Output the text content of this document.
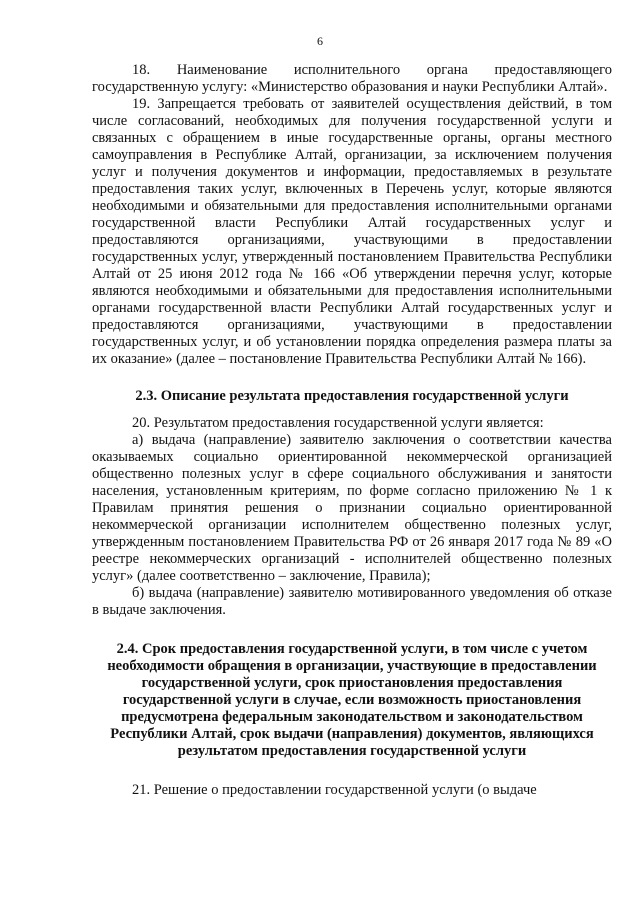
6

18. Наименование исполнительного органа предоставляющего государственную услугу: «Министерство образования и науки Республики Алтай».

19. Запрещается требовать от заявителей осуществления действий, в том числе согласований, необходимых для получения государственной услуги и связанных с обращением в иные государственные органы, органы местного самоуправления в Республике Алтай, организации, за исключением получения услуг и получения документов и информации, предоставляемых в результате предоставления таких услуг, включенных в Перечень услуг, которые являются необходимыми и обязательными для предоставления исполнительными органами государственной власти Республики Алтай государственных услуг и предоставляются организациями, участвующими в предоставлении государственных услуг, утвержденный постановлением Правительства Республики Алтай от 25 июня 2012 года № 166 «Об утверждении перечня услуг, которые являются необходимыми и обязательными для предоставления исполнительными органами государственной власти Республики Алтай государственных услуг и предоставляются организациями, участвующими в предоставлении государственных услуг, и об установлении порядка определения размера платы за их оказание» (далее – постановление Правительства Республики Алтай № 166).

2.3. Описание результата предоставления государственной услуги

20. Результатом предоставления государственной услуги является:

а) выдача (направление) заявителю заключения о соответствии качества оказываемых социально ориентированной некоммерческой организацией общественно полезных услуг в сфере социального обслуживания и занятости населения, установленным критериям, по форме согласно приложению № 1 к Правилам принятия решения о признании социально ориентированной некоммерческой организации исполнителем общественно полезных услуг, утвержденным постановлением Правительства РФ от 26 января 2017 года № 89 «О реестре некоммерческих организаций - исполнителей общественно полезных услуг» (далее соответственно – заключение, Правила);

б) выдача (направление) заявителю мотивированного уведомления об отказе в выдаче заключения.

2.4. Срок предоставления государственной услуги, в том числе с учетом необходимости обращения в организации, участвующие в предоставлении государственной услуги, срок приостановления предоставления государственной услуги в случае, если возможность приостановления предусмотрена федеральным законодательством и законодательством Республики Алтай, срок выдачи (направления) документов, являющихся результатом предоставления государственной услуги

21. Решение о предоставлении государственной услуги (о выдаче
